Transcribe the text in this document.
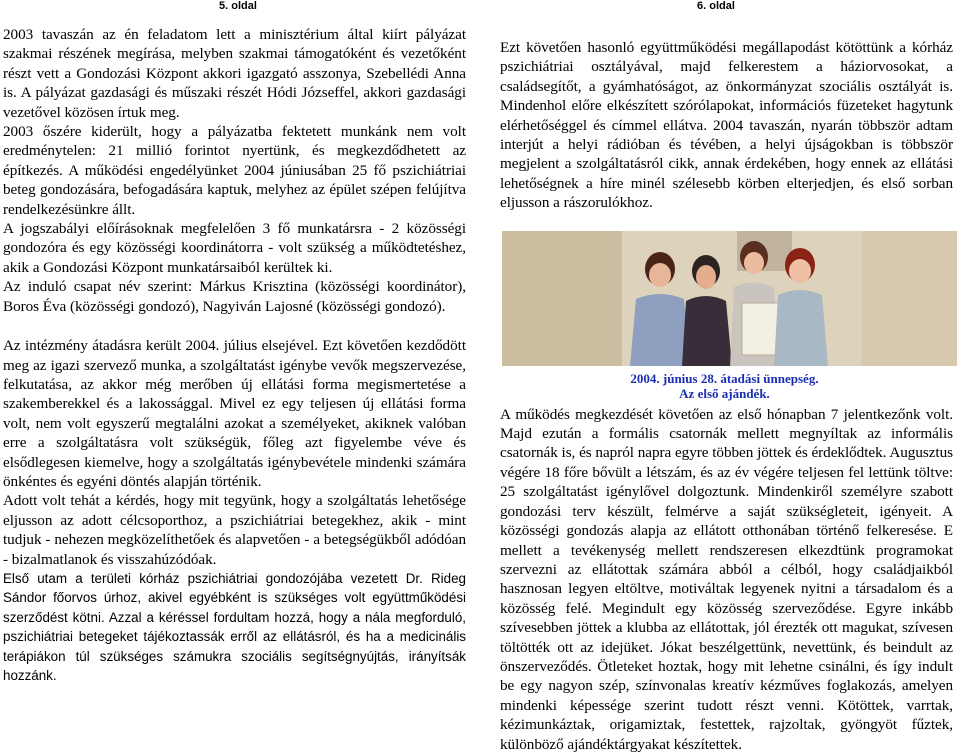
5. oldal

2003 tavaszán az én feladatom lett a minisztérium által kiírt pályázat szakmai részének megírása, melyben szakmai támogatóként és vezetőként részt vett a Gondozási Központ akkori igazgató asszonya, Szebellédi Anna is. A pályázat gazdasági és műszaki részét Hódi Józseffel, akkori gazdasági vezetővel közösen írtuk meg.

2003 őszére kiderült, hogy a pályázatba fektetett munkánk nem volt eredménytelen: 21 millió forintot nyertünk, és megkezdődhetett az építkezés. A működési engedélyünket 2004 júniusában 25 fő pszichiátriai beteg gondozására, befogadására kaptuk, melyhez az épület szépen felújítva rendelkezésünkre állt.

A jogszabályi előírásoknak megfelelően 3 fő munkatársra - 2 közösségi gondozóra és egy közösségi koordinátorra - volt szükség a működtetéshez, akik a Gondozási Központ munkatársaiból kerültek ki.

Az induló csapat név szerint: Márkus Krisztina (közösségi koordinátor), Boros Éva (közösségi gondozó), Nagyiván Lajosné (közösségi gondozó).

Az intézmény átadásra került 2004. július elsejével. Ezt követően kezdődött meg az igazi szervező munka, a szolgáltatást igénybe vevők megszervezése, felkutatása, az akkor még merőben új ellátási forma megismertetése a szakemberekkel és a lakossággal. Mivel ez egy teljesen új ellátási forma volt, nem volt egyszerű megtalálni azokat a személyeket, akiknek valóban erre a szolgáltatásra volt szükségük, főleg azt figyelembe véve és elsődlegesen kiemelve, hogy a szolgáltatás igénybevétele mindenki számára önkéntes és egyéni döntés alapján történik.

Adott volt tehát a kérdés, hogy mit tegyünk, hogy a szolgáltatás lehetősége eljusson az adott célcsoporthoz, a pszichiátriai betegekhez, akik - mint tudjuk - nehezen megközelíthetőek és alapvetően - a betegségükből adódóan - bizalmatlanok és visszahúzódóak.

Első utam a területi kórház pszichiátriai gondozójába vezetett Dr. Rideg Sándor főorvos úrhoz, akivel egyébként is szükséges volt együttműködési szerződést kötni. Azzal a kéréssel fordultam hozzá, hogy a nála megforduló, pszichiátriai betegeket tájékoztassák erről az ellátásról, és ha a medicinális terápiákon túl szükséges számukra szociális segítségnyújtás, irányítsák hozzánk.

6. oldal

Ezt követően hasonló együttműködési megállapodást kötöttünk a kórház pszichiátriai osztályával, majd felkerestem a háziorvosokat, a családsegítőt, a gyámhatóságot, az önkormányzat szociális osztályát is. Mindenhol előre elkészített szórólapokat, információs füzeteket hagytunk elérhetőséggel és címmel ellátva. 2004 tavaszán, nyarán többször adtam interjút a helyi rádióban és tévében, a helyi újságokban is többször megjelent a szolgáltatásról cikk, annak érdekében, hogy ennek az ellátási lehetőségnek a híre minél szélesebb körben elterjedjen, és első sorban eljusson a rászorulókhoz.

2004. június 28. átadási ünnepség.
Az első ajándék.

A működés megkezdését követően az első hónapban 7 jelentkezőnk volt. Majd ezután a formális csatornák mellett megnyíltak az informális csatornák is, és napról napra egyre többen jöttek és érdeklődtek. Augusztus végére 18 főre bővült a létszám, és az év végére teljesen fel lettünk töltve: 25 szolgáltatást igénylővel dolgoztunk. Mindenkiről személyre szabott gondozási terv készült, felmérve a saját szükségleteit, igényeit. A közösségi gondozás alapja az ellátott otthonában történő felkeresése. E mellett a tevékenység mellett rendszeresen elkezdtünk programokat szervezni az ellátottak számára abból a célból, hogy családjaikból hasznosan legyen eltöltve, motiváltak legyenek nyitni a társadalom és a közösség felé. Megindult egy közösség szerveződése. Egyre inkább szívesebben jöttek a klubba az ellátottak, jól érezték ott magukat, szívesen töltötték ott az idejüket. Jókat beszélgettünk, nevettünk, és beindult az önszerveződés. Ötleteket hoztak, hogy mit lehetne csinálni, és így indult be egy nagyon szép, színvonalas kreatív kézműves foglakozás, amelyen mindenki képessége szerint tudott részt venni. Kötöttek, varrtak, kézimunkáztak, origamiztak, festettek, rajzoltak, gyöngyöt fűztek, különböző ajándéktárgyakat készítettek.
